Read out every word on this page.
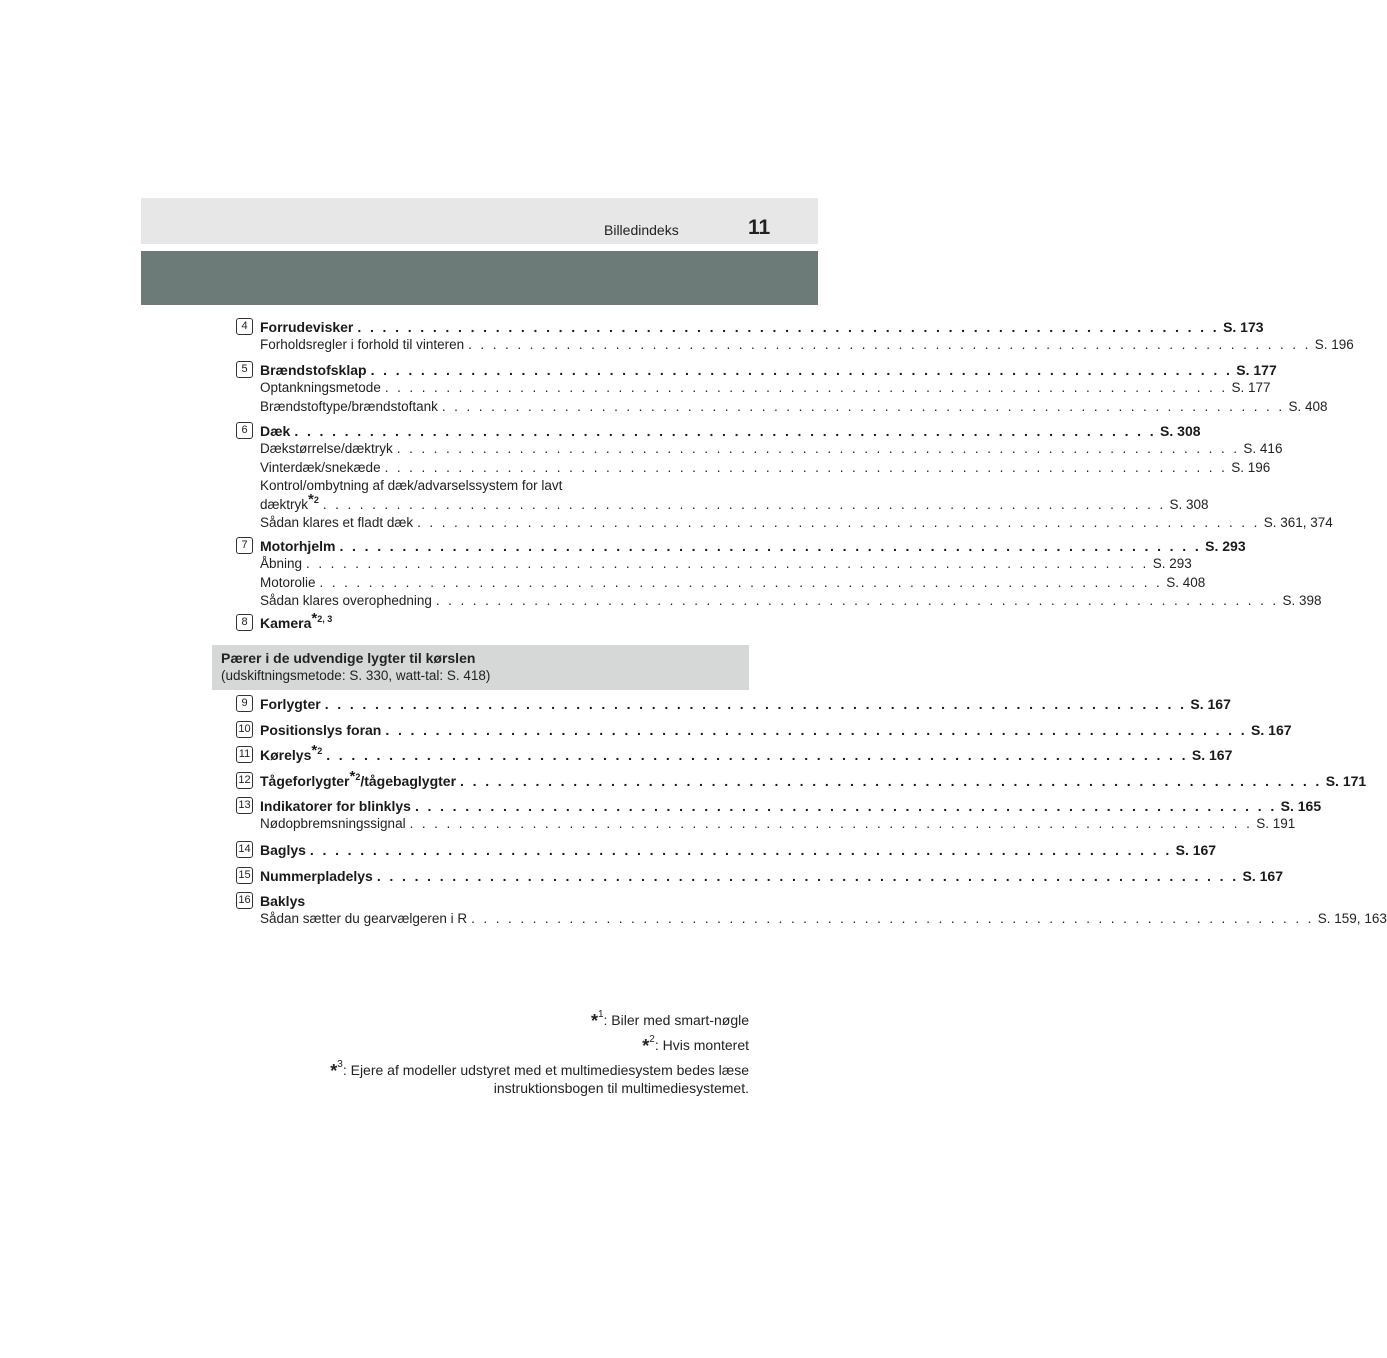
Billedindeks	11
4 Forrudevisker . . . . . . . . . . . . . . . . . . . . . . . . . . . . . . . . . . . . . . . . . . . . . . . . . . . . . . . . . . . . . . . . . . . . . S. 173
Forholdsregler i forhold til vinteren . . . . . . . . . . . . . . . . . . . . . . . . . . . . . . . . . . . . . . . . . . . . . . . . . . . . . . . . . . . . . . . . . . . . . S. 196
5 Brændstofsklap . . . . . . . . . . . . . . . . . . . . . . . . . . . . . . . . . . . . . . . . . . . . . . . . . . . . . . . . . . . . . . . . . . . . . S. 177
Optankningsmetode . . . . . . . . . . . . . . . . . . . . . . . . . . . . . . . . . . . . . . . . . . . . . . . . . . . . . . . . . . . . . . . . . . . . . S. 177
Brændstoftype/brændstoftank . . . . . . . . . . . . . . . . . . . . . . . . . . . . . . . . . . . . . . . . . . . . . . . . . . . . . . . . . . . . . . . . . . . . . S. 408
6 Dæk . . . . . . . . . . . . . . . . . . . . . . . . . . . . . . . . . . . . . . . . . . . . . . . . . . . . . . . . . . . . . . . . . . . . . S. 308
Dækstørrelse/dæktryk . . . . . . . . . . . . . . . . . . . . . . . . . . . . . . . . . . . . . . . . . . . . . . . . . . . . . . . . . . . . . . . . . . . . . S. 416
Vinterdæk/snekæde . . . . . . . . . . . . . . . . . . . . . . . . . . . . . . . . . . . . . . . . . . . . . . . . . . . . . . . . . . . . . . . . . . . . . S. 196
Kontrol/ombytning af dæk/advarselssystem for lavt
dæktryk$^{*2}$ . . . . . . . . . . . . . . . . . . . . . . . . . . . . . . . . . . . . . . . . . . . . . . . . . . . . . . . . . . . . . . . . . . . . . S. 308
Sådan klares et fladt dæk . . . . . . . . . . . . . . . . . . . . . . . . . . . . . . . . . . . . . . . . . . . . . . . . . . . . . . . . . . . . . . . . . . . . . S. 361, 374
7 Motorhjelm . . . . . . . . . . . . . . . . . . . . . . . . . . . . . . . . . . . . . . . . . . . . . . . . . . . . . . . . . . . . . . . . . . . . . S. 293
Åbning . . . . . . . . . . . . . . . . . . . . . . . . . . . . . . . . . . . . . . . . . . . . . . . . . . . . . . . . . . . . . . . . . . . . . S. 293
Motorolie . . . . . . . . . . . . . . . . . . . . . . . . . . . . . . . . . . . . . . . . . . . . . . . . . . . . . . . . . . . . . . . . . . . . . S. 408
Sådan klares overophedning . . . . . . . . . . . . . . . . . . . . . . . . . . . . . . . . . . . . . . . . . . . . . . . . . . . . . . . . . . . . . . . . . . . . . S. 398
8 Kamera$^{*2, 3}$
9 Forlygter . . . . . . . . . . . . . . . . . . . . . . . . . . . . . . . . . . . . . . . . . . . . . . . . . . . . . . . . . . . . . . . . . . . . . S. 167
10 Positionslys foran . . . . . . . . . . . . . . . . . . . . . . . . . . . . . . . . . . . . . . . . . . . . . . . . . . . . . . . . . . . . . . . . . . . . . S. 167
11 Kørelys$^{*2}$ . . . . . . . . . . . . . . . . . . . . . . . . . . . . . . . . . . . . . . . . . . . . . . . . . . . . . . . . . . . . . . . . . . . . . S. 167
12 Tågeforlygter$^{*2}$/tågebaglygter . . . . . . . . . . . . . . . . . . . . . . . . . . . . . . . . . . . . . . . . . . . . . . . . . . . . . . . . . . . . . . . . . . . . . S. 171
13 Indikatorer for blinklys . . . . . . . . . . . . . . . . . . . . . . . . . . . . . . . . . . . . . . . . . . . . . . . . . . . . . . . . . . . . . . . . . . . . . S. 165
Nødopbremsningssignal . . . . . . . . . . . . . . . . . . . . . . . . . . . . . . . . . . . . . . . . . . . . . . . . . . . . . . . . . . . . . . . . . . . . . S. 191
14 Baglys . . . . . . . . . . . . . . . . . . . . . . . . . . . . . . . . . . . . . . . . . . . . . . . . . . . . . . . . . . . . . . . . . . . . . S. 167
15 Nummerpladelys . . . . . . . . . . . . . . . . . . . . . . . . . . . . . . . . . . . . . . . . . . . . . . . . . . . . . . . . . . . . . . . . . . . . . S. 167
16 Baklys
Sådan sætter du gearvælgeren i R . . . . . . . . . . . . . . . . . . . . . . . . . . . . . . . . . . . . . . . . . . . . . . . . . . . . . . . . . . . . . . . . . . . . . S. 159, 163
Pærer i de udvendige lygter til kørslen
(udskiftningsmetode: S. 330, watt-tal: S. 418)
*$^1$: Biler med smart-nøgle
*$^2$: Hvis monteret
*$^3$: Ejere af modeller udstyret med et multimediesystem bedes læse
instruktionsbogen til multimediesystemet.
